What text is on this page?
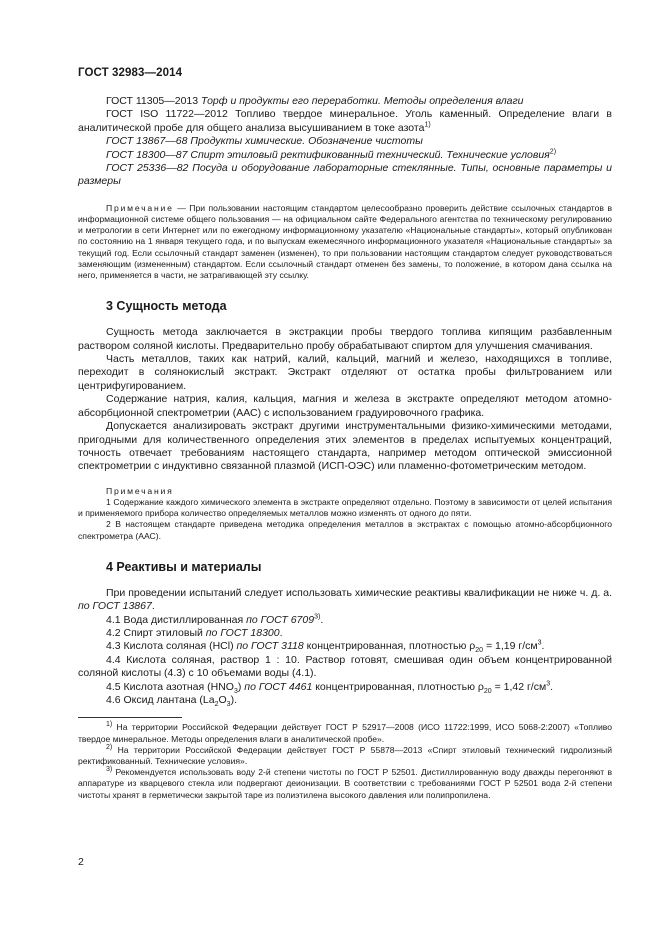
ГОСТ 32983—2014

ГОСТ 11305—2013 Торф и продукты его переработки. Методы определения влаги

ГОСТ ISO 11722—2012 Топливо твердое минеральное. Уголь каменный. Определение влаги в аналитической пробе для общего анализа высушиванием в токе азота$^{1)}$

ГОСТ 13867—68 Продукты химические. Обозначение чистоты

ГОСТ 18300—87 Спирт этиловый ректификованный технический. Технические условия$^{2)}$

ГОСТ 25336—82 Посуда и оборудование лабораторные стеклянные. Типы, основные параметры и размеры

Примечание — При пользовании настоящим стандартом целесообразно проверить действие ссылочных стандартов в информационной системе общего пользования — на официальном сайте Федерального агентства по техническому регулированию и метрологии в сети Интернет или по ежегодному информационному указателю «Национальные стандарты», который опубликован по состоянию на 1 января текущего года, и по выпускам ежемесячного информационного указателя «Национальные стандарты» за текущий год. Если ссылочный стандарт заменен (изменен), то при пользовании настоящим стандартом следует руководствоваться заменяющим (измененным) стандартом. Если ссылочный стандарт отменен без замены, то положение, в котором дана ссылка на него, применяется в части, не затрагивающей эту ссылку.

3 Сущность метода

Сущность метода заключается в экстракции пробы твердого топлива кипящим разбавленным раствором соляной кислоты. Предварительно пробу обрабатывают спиртом для улучшения смачивания.

Часть металлов, таких как натрий, калий, кальций, магний и железо, находящихся в топливе, переходит в солянокислый экстракт. Экстракт отделяют от остатка пробы фильтрованием или центрифугированием.

Содержание натрия, калия, кальция, магния и железа в экстракте определяют методом атомно-абсорбционной спектрометрии (ААС) с использованием градуировочного графика.

Допускается анализировать экстракт другими инструментальными физико-химическими методами, пригодными для количественного определения этих элементов в пределах испытуемых концентраций, точность отвечает требованиям настоящего стандарта, например методом оптической эмиссионной спектрометрии с индуктивно связанной плазмой (ИСП-ОЭС) или пламенно-фотометрическим методом.

Примечания

1 Содержание каждого химического элемента в экстракте определяют отдельно. Поэтому в зависимости от целей испытания и применяемого прибора количество определяемых металлов можно изменять от одного до пяти.

2 В настоящем стандарте приведена методика определения металлов в экстрактах с помощью атомно-абсорбционного спектрометра (ААС).

4 Реактивы и материалы

При проведении испытаний следует использовать химические реактивы квалификации не ниже ч. д. а. по ГОСТ 13867.

4.1 Вода дистиллированная по ГОСТ 6709$^{3)}$.

4.2 Спирт этиловый по ГОСТ 18300.

4.3 Кислота соляная (HCl) по ГОСТ 3118 концентрированная, плотностью $\rho_{20} = 1,19$ $г/см^3$.

4.4 Кислота соляная, раствор 1 : 10. Раствор готовят, смешивая один объем концентрированной соляной кислоты (4.3) с 10 объемами воды (4.1).

4.5 Кислота азотная $(HNO_3)$ по ГОСТ 4461 концентрированная, плотностью $\rho_{20} = 1,42$ $г/см^3$.

4.6 Оксид лантана $(La_2O_3)$.

$^{1)}$ На территории Российской Федерации действует ГОСТ Р 52917—2008 (ИСО 11722:1999, ИСО 5068-2:2007) «Топливо твердое минеральное. Методы определения влаги в аналитической пробе».

$^{2)}$ На территории Российской Федерации действует ГОСТ Р 55878—2013 «Спирт этиловый технический гидролизный ректификованный. Технические условия».

$^{3)}$ Рекомендуется использовать воду 2-й степени чистоты по ГОСТ Р 52501. Дистиллированную воду дважды перегоняют в аппаратуре из кварцевого стекла или подвергают деионизации. В соответствии с требованиями ГОСТ Р 52501 вода 2-й степени чистоты хранят в герметически закрытой таре из полиэтилена высокого давления или полипропилена.

2
